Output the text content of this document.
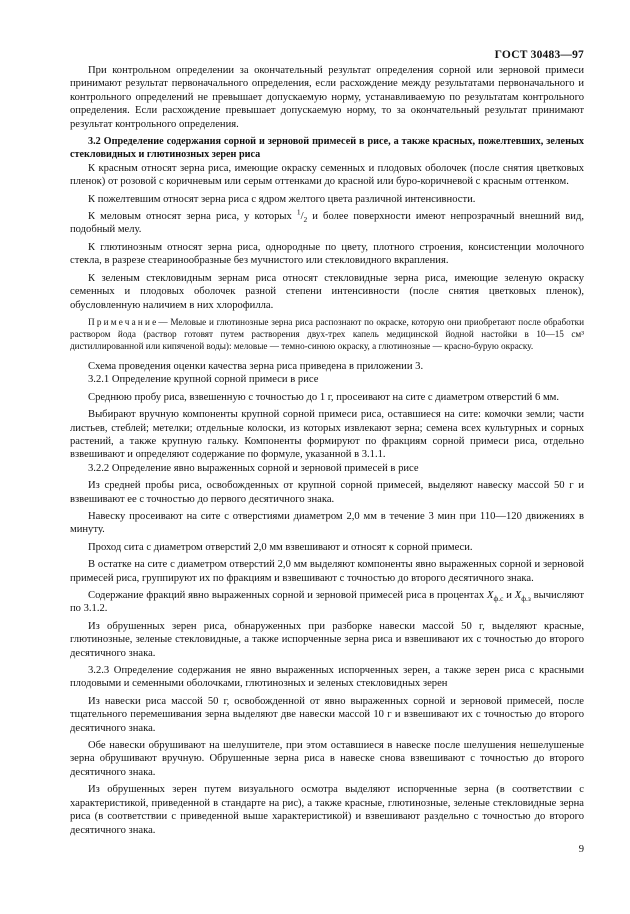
ГОСТ 30483—97

При контрольном определении за окончательный результат определения сорной или зерновой примеси принимают результат первоначального определения, если расхождение между результатами первоначального и контрольного определений не превышает допускаемую норму, устанавливаемую по результатам контрольного определения. Если расхождение превышает допускаемую норму, то за окончательный результат принимают результат контрольного определения.

3.2 Определение содержания сорной и зерновой примесей в рисе, а также красных, пожелтевших, зеленых стекловидных и глютинозных зерен риса

К красным относят зерна риса, имеющие окраску семенных и плодовых оболочек (после снятия цветковых пленок) от розовой с коричневым или серым оттенками до красной или буро-коричневой с красным оттенком.

К пожелтевшим относят зерна риса с ядром желтого цвета различной интенсивности.

К меловым относят зерна риса, у которых $^1/_2$ и более поверхности имеют непрозрачный внешний вид, подобный мелу.

К глютинозным относят зерна риса, однородные по цвету, плотного строения, консистенции молочного стекла, в разрезе стеаринообразные без мучнистого или стекловидного вкрапления.

К зеленым стекловидным зернам риса относят стекловидные зерна риса, имеющие зеленую окраску семенных и плодовых оболочек разной степени интенсивности (после снятия цветковых пленок), обусловленную наличием в них хлорофилла.

Примечание— Меловые и глютинозные зерна риса распознают по окраске, которую они приобретают после обработки раствором йода (раствор готовят путем растворения двух-трех капель медицинской йодной настойки в 10—15 см³ дистиллированной или кипяченой воды): меловые — темно-синюю окраску, а глютинозные — красно-бурую окраску.

Схема проведения оценки качества зерна риса приведена в приложении 3.

3.2.1 Определение крупной сорной примеси в рисе

Среднюю пробу риса, взвешенную с точностью до 1 г, просеивают на сите с диаметром отверстий 6 мм.

Выбирают вручную компоненты крупной сорной примеси риса, оставшиеся на сите: комочки земли; части листьев, стеблей; метелки; отдельные колоски, из которых извлекают зерна; семена всех культурных и сорных растений, а также крупную гальку. Компоненты формируют по фракциям сорной примеси риса, отдельно взвешивают и определяют содержание по формуле, указанной в 3.1.1.

3.2.2 Определение явно выраженных сорной и зерновой примесей в рисе

Из средней пробы риса, освобожденных от крупной сорной примесей, выделяют навеску массой 50 г и взвешивают ее с точностью до первого десятичного знака.

Навеску просеивают на сите с отверстиями диаметром 2,0 мм в течение 3 мин при 110—120 движениях в минуту.

Проход сита с диаметром отверстий 2,0 мм взвешивают и относят к сорной примеси.

В остатке на сите с диаметром отверстий 2,0 мм выделяют компоненты явно выраженных сорной и зерновой примесей риса, группируют их по фракциям и взвешивают с точностью до второго десятичного знака.

Содержание фракций явно выраженных сорной и зерновой примесей риса в процентах $X_{ф.с}$ и $X_{ф.з}$ вычисляют по 3.1.2.

Из обрушенных зерен риса, обнаруженных при разборке навески массой 50 г, выделяют красные, глютинозные, зеленые стекловидные, а также испорченные зерна риса и взвешивают их с точностью до второго десятичного знака.

3.2.3 Определение содержания не явно выраженных испорченных зерен, а также зерен риса с красными плодовыми и семенными оболочками, глютинозных и зеленых стекловидных зерен

Из навески риса массой 50 г, освобожденной от явно выраженных сорной и зерновой примесей, после тщательного перемешивания зерна выделяют две навески массой 10 г и взвешивают их с точностью до второго десятичного знака.

Обе навески обрушивают на шелушителе, при этом оставшиеся в навеске после шелушения нешелушеные зерна обрушивают вручную. Обрушенные зерна риса в навеске снова взвешивают с точностью до второго десятичного знака.

Из обрушенных зерен путем визуального осмотра выделяют испорченные зерна (в соответствии с характеристикой, приведенной в стандарте на рис), а также красные, глютинозные, зеленые стекловидные зерна риса (в соответствии с приведенной выше характеристикой) и взвешивают раздельно с точностью до второго десятичного знака.

9
